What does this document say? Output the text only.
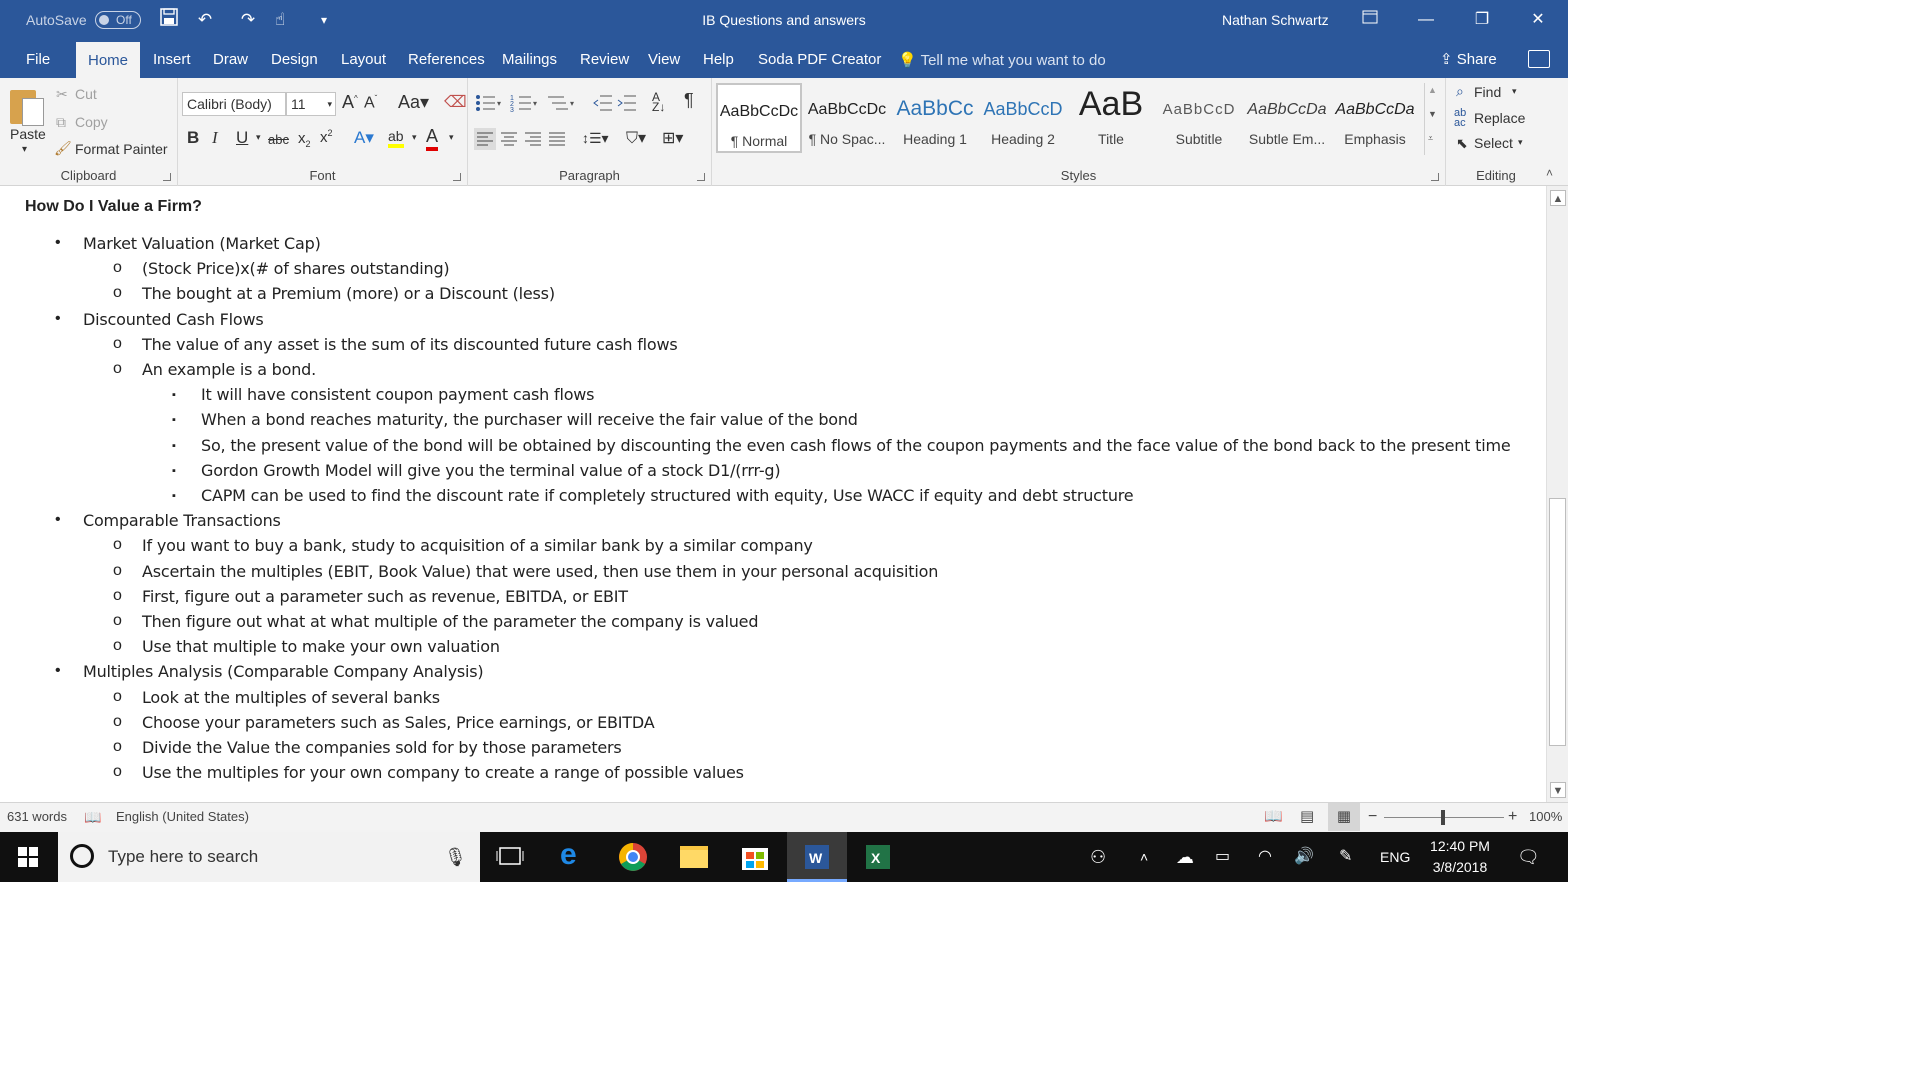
AutoSave Off	↶ ↷	☝	▾	IB Questions and answers	Nathan Schwartz	—	❐	✕
File	Home	Insert	Draw	Design	Layout	References	Mailings	Review	View	Help	Soda PDF Creator	💡 Tell me what you want to do	⇪ Share
Paste
▾
✂ Cut
⧉ Copy
🖌 Format Painter
Clipboard
Calibri (Body)	11 ▾ A^ $A^ˇ$ Aa▾ ⌫
B I U ▾ abc $x_2$ $x^2$ A▾ ab ▾ A ▾
Font
▾
1
2
3
▾	▾	A
Z↓ ¶
↕☰▾ ⛉▾ ⊞▾
Paragraph
AaBbCcDc
¶ Normal
AaBbCcDc
¶ No Spac...
AaBbCc
Heading 1
AaBbCcD
Heading 2
AaB
Title
AaBbCcD
Subtitle
AaBbCcDa
Subtle Em...
AaBbCcDa
Emphasis
▲
▼
⩡
Styles
⌕ Find ▾
ab
ac Replace
⬉ Select ▾
Editing	˄
How Do I Value a Firm?
• Market Valuation (Market Cap)
o (Stock Price)x(# of shares outstanding)
o The bought at a Premium (more) or a Discount (less)
• Discounted Cash Flows
o The value of any asset is the sum of its discounted future cash flows
o An example is a bond.
▪ It will have consistent coupon payment cash flows
▪ When a bond reaches maturity, the purchaser will receive the fair value of the bond
▪ So, the present value of the bond will be obtained by discounting the even cash flows of the coupon payments and the face value of the bond back to the present time
▪ Gordon Growth Model will give you the terminal value of a stock D1/(rrr-g)
▪ CAPM can be used to find the discount rate if completely structured with equity, Use WACC if equity and debt structure
• Comparable Transactions
o If you want to buy a bank, study to acquisition of a similar bank by a similar company
o Ascertain the multiples (EBIT, Book Value) that were used, then use them in your personal acquisition
o First, figure out a parameter such as revenue, EBITDA, or EBIT
o Then figure out what at what multiple of the parameter the company is valued
o Use that multiple to make your own valuation
• Multiples Analysis (Comparable Company Analysis)
o Look at the multiples of several banks
o Choose your parameters such as Sales, Price earnings, or EBITDA
o Divide the Value the companies sold for by those parameters
o Use the multiples for your own company to create a range of possible values
▲
▼
631 words 📖 English (United States)	📖 ▤	▦	−	+ 100%
Type here to search	🎙	e	W	X	⚇ ˄ ☁ ▭ ◠ 🔊 ✎ ENG
12:40 PM
3/8/2018	🗨
